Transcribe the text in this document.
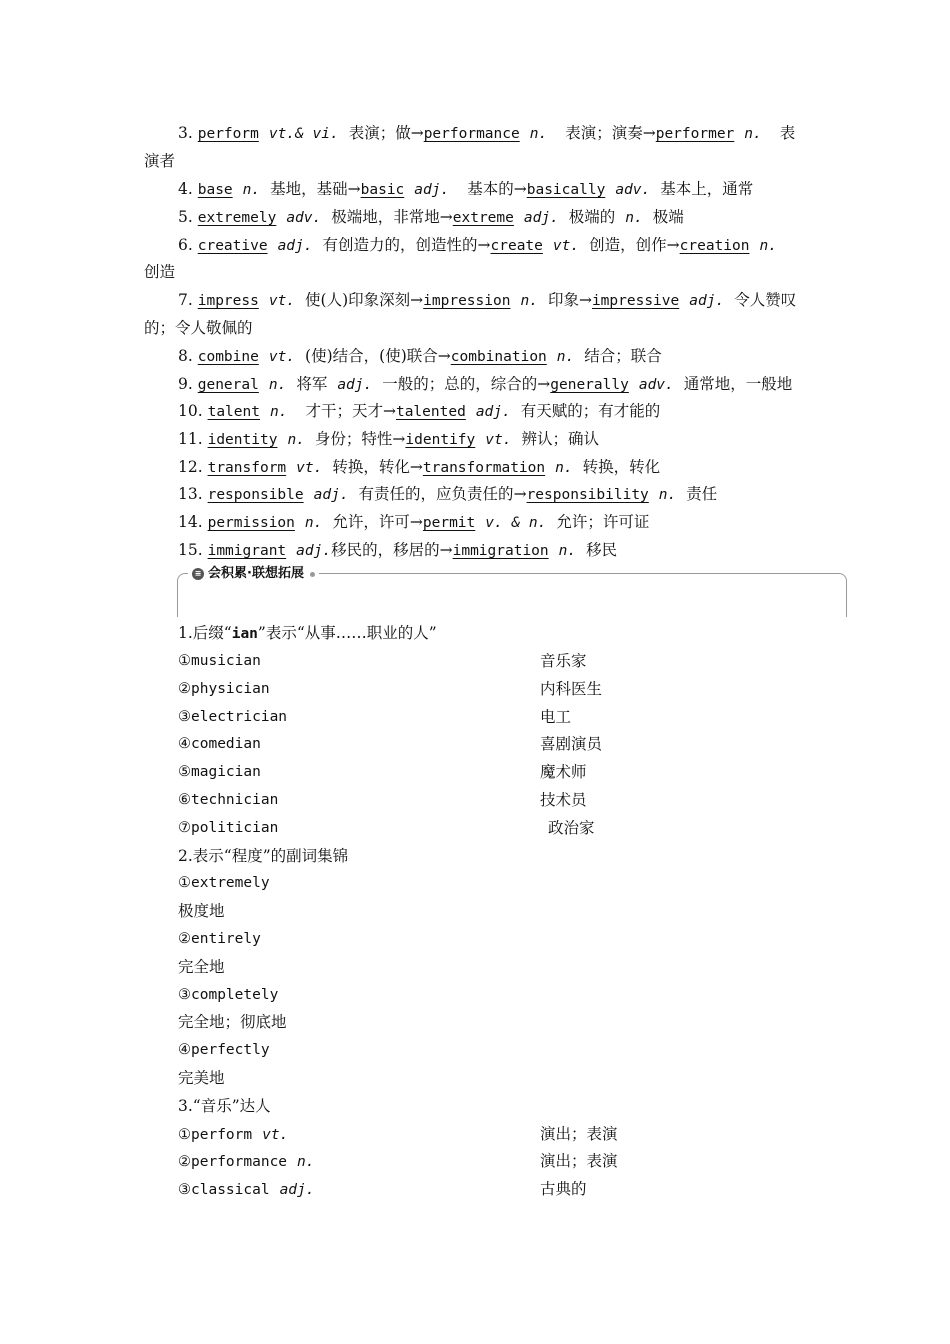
3. perform vt.& vi. 表演；做→performance n. 表演；演奏→performer n. 表
演者
4. base n. 基地，基础→basic adj. 基本的→basically adv. 基本上，通常
5. extremely adv. 极端地，非常地→extreme adj. 极端的 n. 极端
6. creative adj. 有创造力的，创造性的→create vt. 创造，创作→creation n.
创造
7. impress vt. 使(人)印象深刻→impression n. 印象→impressive adj. 令人赞叹
的；令人敬佩的
8. combine vt. (使)结合，(使)联合→combination n. 结合；联合
9. general n. 将军 adj. 一般的；总的，综合的→generally adv. 通常地，一般地
10. talent n. 才干；天才→talented adj. 有天赋的；有才能的
11. identity n. 身份；特性→identify vt. 辨认；确认
12. transform vt. 转换，转化→transformation n. 转换，转化
13. responsible adj. 有责任的，应负责任的→responsibility n. 责任
14. permission n. 允许，许可→permit v. & n. 允许；许可证
15. immigrant adj.移民的，移居的→immigration n. 移民
≡ 会积累·联想拓展
1.后缀“ian”表示“从事……职业的人”
①musician	音乐家
②physician	内科医生
③electrician	电工
④comedian	喜剧演员
⑤magician	魔术师
⑥technician	技术员
⑦politician	政治家
2.表示“程度”的副词集锦
①extremely
极度地
②entirely
完全地
③completely
完全地；彻底地
④perfectly
完美地
3.“音乐”达人
①perform vt.	演出；表演
②performance n.	演出；表演
③classical adj.	古典的
